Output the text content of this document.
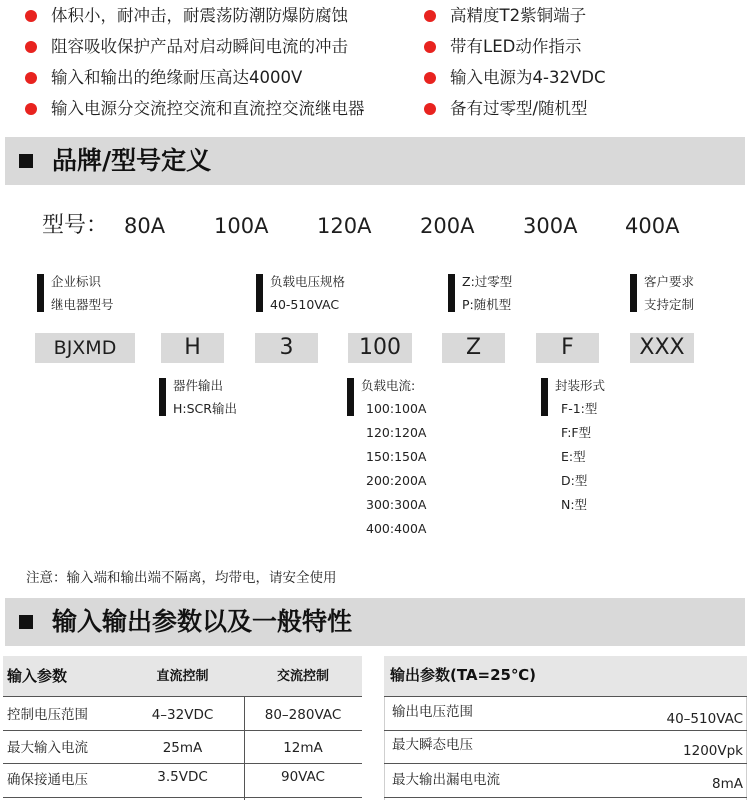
体积小，耐冲击，耐震荡防潮防爆防腐蚀
阻容吸收保护产品对启动瞬间电流的冲击
输入和输出的绝缘耐压高达4000V
输入电源分交流控交流和直流控交流继电器
高精度T2紫铜端子
带有LED动作指示
输入电源为4-32VDC
备有过零型/随机型
品牌/型号定义
型号： 80A 100A 120A 200A 300A 400A
企业标识
继电器型号
负载电压规格
40-510VAC
Z:过零型
P:随机型
客户要求
支持定制
BJXMD	H	3	100	Z	F	XXX
器件输出
H:SCR输出
负载电流:
100:100A
120:120A
150:150A
200:200A
300:300A
400:400A
封装形式
F-1:型
F:F型
E:型
D:型
N:型
注意：输入端和输出端不隔离，均带电，请安全使用
输入输出参数以及一般特性
输入参数	直流控制	交流控制
控制电压范围	4–32VDC	80–280VAC
最大输入电流	25mA	12mA
确保接通电压	3.5VDC	90VAC
输出参数(TA=25℃)
输出电压范围	40–510VAC
最大瞬态电压	1200Vpk
最大输出漏电电流	8mA
